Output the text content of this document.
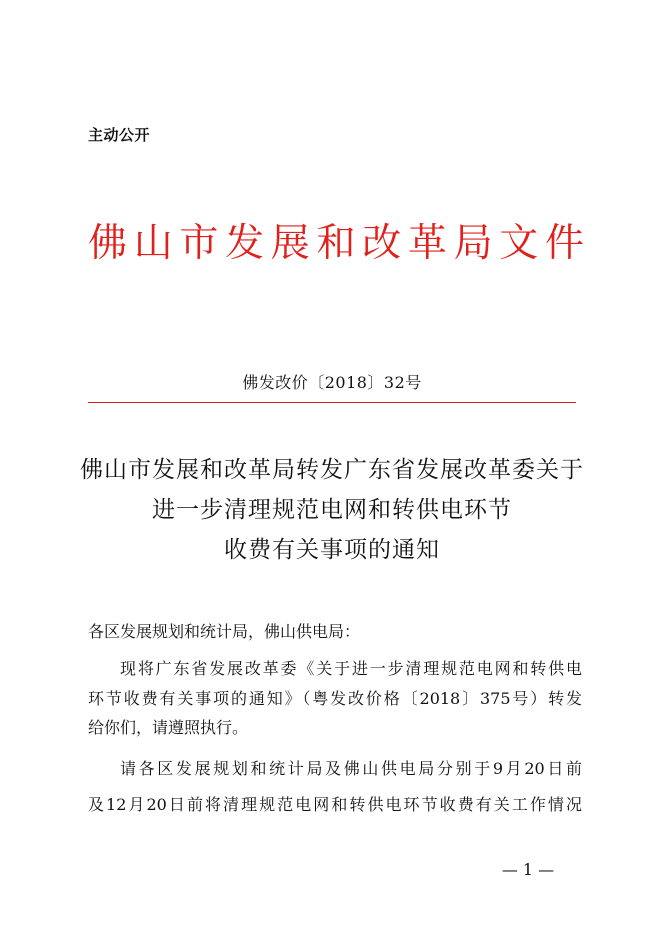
主动公开
佛山市发展和改革局文件
佛发改价〔2018〕32号
佛山市发展和改革局转发广东省发展改革委关于
进一步清理规范电网和转供电环节
收费有关事项的通知
各区发展规划和统计局，佛山供电局：
现将广东省发展改革委《关于进一步清理规范电网和转供电
环节收费有关事项的通知》（粤发改价格〔2018〕375号）转发
给你们，请遵照执行。
请各区发展规划和统计局及佛山供电局分别于9月20日前
及12月20日前将清理规范电网和转供电环节收费有关工作情况
— 1 —
